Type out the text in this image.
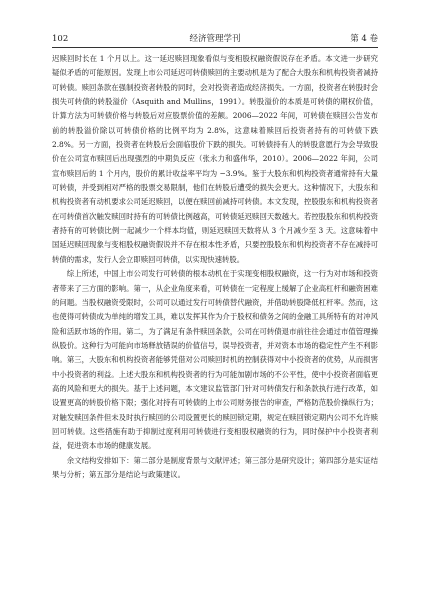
102	经济管理学刊	第 4 卷

迟赎回时长在 1 个月以上。这一延迟赎回现象看似与变相股权融资假说存在矛盾。本文进一步研究疑似矛盾的可能原因。发现上市公司延迟可转债赎回的主要动机是为了配合大股东和机构投资者减持可转债。赎回条款在强制投资者转股的同时，会对投资者造成经济损失。一方面，投资者在转股时会损失可转债的转股溢价（Asquith and Mullins，1991）。转股溢价的本质是可转债的期权价值，计算方法为可转债价格与转股后对应股票价值的差额。2006—2022 年间，可转债在赎回公告发布前的转股溢价除以可转债价格的比例平均为 2.8%，这意味着赎回后投资者持有的可转债下跌 2.8%。另一方面，投资者在转股后会面临股价下跌的损失。可转债持有人的转股意愿行为会导致股价在公司宣布赎回后出现强烈的中期负反应（张永力和盛伟华，2010）。2006—2022 年间，公司宣布赎回后的 1 个月内，股价的累计收益率平均为 −3.9%。鉴于大股东和机构投资者通常持有大量可转债，并受到相对严格的股票交易限制，他们在转股后遭受的损失会更大。这种情况下，大股东和机构投资者有动机要求公司延迟赎回，以便在赎回前减持可转债。本文发现，控股股东和机构投资者在可转债首次触发赎回时持有的可转债比例越高，可转债延迟赎回天数越大。若控股股东和机构投资者持有的可转债比例一起减少一个样本均值，则延迟赎回天数将从 3 个月减少至 3 天。这意味着中国延迟赎回现象与变相股权融资假说并不存在根本性矛盾，只要控股股东和机构投资者不存在减持可转债的需求，发行人会立即赎回可转债，以实现快速转股。

综上所述，中国上市公司发行可转债的根本动机在于实现变相股权融资，这一行为对市场和投资者带来了三方面的影响。第一，从企业角度来看，可转债在一定程度上缓解了企业高杠杆和融资困难的问题。当股权融资受限时，公司可以通过发行可转债替代融资，并借助转股降低杠杆率。然而，这也使得可转债成为单纯的增发工具，难以发挥其作为介于股权和债务之间的金融工具所特有的对冲风险和活跃市场的作用。第二，为了满足有条件赎回条款，公司在可转债退市前往往会通过市值管理操纵股价。这种行为可能向市场释放错误的价值信号，误导投资者，并对资本市场的稳定性产生不利影响。第三，大股东和机构投资者能够凭借对公司赎回时机的控制获得对中小投资者的优势，从而损害中小投资者的利益。上述大股东和机构投资者的行为可能加剧市场的不公平性，使中小投资者面临更高的风险和更大的损失。基于上述问题，本文建议监管部门针对可转债发行和条款执行进行改革，如设置更高的转股价格下限；强化对持有可转债的上市公司财务报告的审查，严格防范股价操纵行为；对触发赎回条件但未及时执行赎回的公司设置更长的赎回锁定期，规定在赎回锁定期内公司不允许赎回可转债。这些措施有助于抑制过度利用可转债进行变相股权融资的行为，同时保护中小投资者利益，促进资本市场的健康发展。

余文结构安排如下：第二部分是制度背景与文献评述；第三部分是研究设计；第四部分是实证结果与分析；第五部分是结论与政策建议。
